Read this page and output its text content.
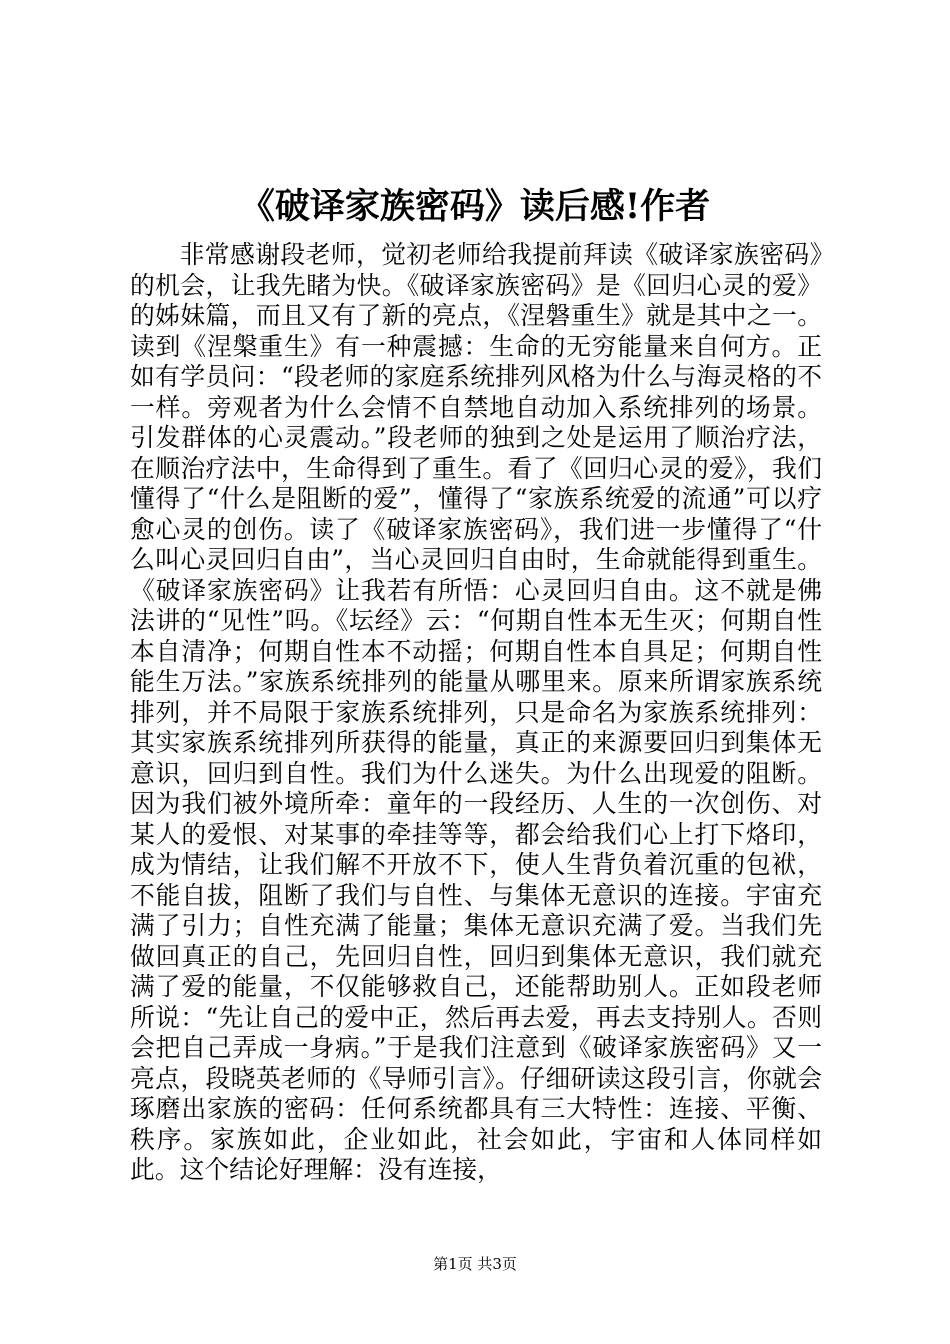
《破译家族密码》读后感!作者

非常感谢段老师，觉初老师给我提前拜读《破译家族密码》的机会，让我先睹为快。《破译家族密码》是《回归心灵的爱》的姊妹篇，而且又有了新的亮点，《涅磐重生》就是其中之一。读到《涅槃重生》有一种震撼：生命的无穷能量来自何方。正如有学员问：“段老师的家庭系统排列风格为什么与海灵格的不一样。旁观者为什么会情不自禁地自动加入系统排列的场景。引发群体的心灵震动。”段老师的独到之处是运用了顺治疗法，在顺治疗法中，生命得到了重生。看了《回归心灵的爱》，我们懂得了“什么是阻断的爱”，懂得了“家族系统爱的流通”可以疗愈心灵的创伤。读了《破译家族密码》，我们进一步懂得了“什么叫心灵回归自由”，当心灵回归自由时，生命就能得到重生。《破译家族密码》让我若有所悟：心灵回归自由。这不就是佛法讲的“见性”吗。《坛经》云：“何期自性本无生灭；何期自性本自清净；何期自性本不动摇；何期自性本自具足；何期自性能生万法。”家族系统排列的能量从哪里来。原来所谓家族系统排列，并不局限于家族系统排列，只是命名为家族系统排列：其实家族系统排列所获得的能量，真正的来源要回归到集体无意识，回归到自性。我们为什么迷失。为什么出现爱的阻断。因为我们被外境所牵：童年的一段经历、人生的一次创伤、对某人的爱恨、对某事的牵挂等等，都会给我们心上打下烙印，成为情结，让我们解不开放不下，使人生背负着沉重的包袱，不能自拔，阻断了我们与自性、与集体无意识的连接。宇宙充满了引力；自性充满了能量；集体无意识充满了爱。当我们先做回真正的自己，先回归自性，回归到集体无意识，我们就充满了爱的能量，不仅能够救自己，还能帮助别人。正如段老师所说：“先让自己的爱中正，然后再去爱，再去支持别人。否则会把自己弄成一身病。”于是我们注意到《破译家族密码》又一亮点，段晓英老师的《导师引言》。仔细研读这段引言，你就会琢磨出家族的密码：任何系统都具有三大特性：连接、平衡、秩序。家族如此，企业如此，社会如此，宇宙和人体同样如此。这个结论好理解：没有连接，

第1页 共3页
